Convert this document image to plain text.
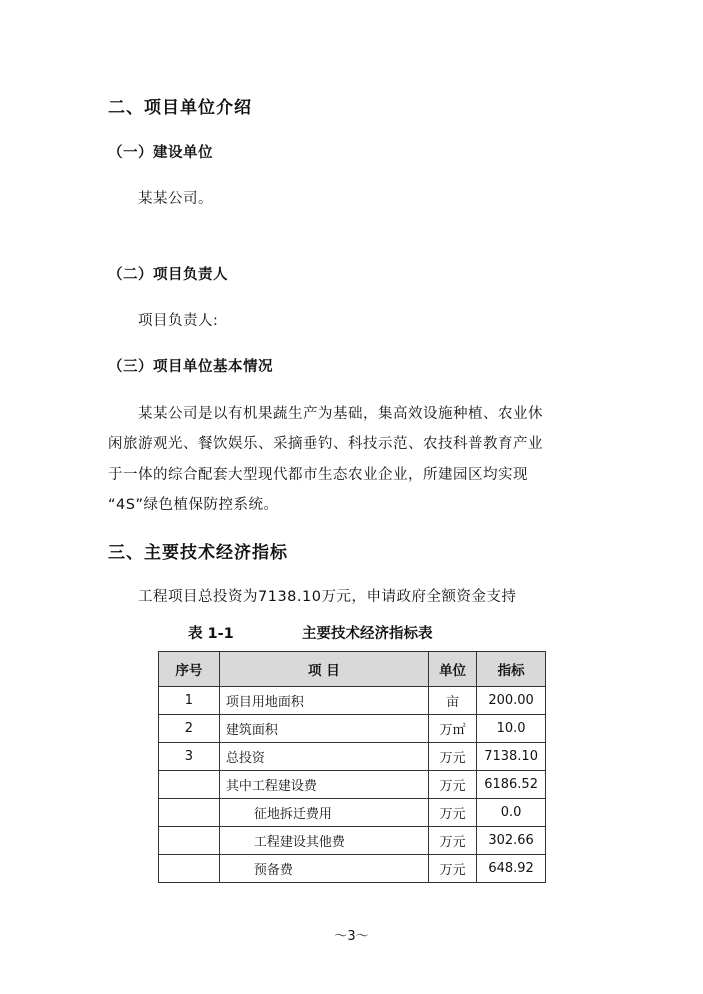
二、项目单位介绍
（一）建设单位
某某公司。
（二）项目负责人
项目负责人:
（三）项目单位基本情况
某某公司是以有机果蔬生产为基础，集高效设施种植、农业休
闲旅游观光、餐饮娱乐、采摘垂钓、科技示范、农技科普教育产业
于一体的综合配套大型现代都市生态农业企业，所建园区均实现
“4S”绿色植保防控系统。
三、主要技术经济指标
工程项目总投资为7138.10万元，申请政府全额资金支持
表 1-1	主要技术经济指标表
序号	项 目	单位	指标
1	项目用地面积	亩	200.00
2	建筑面积	万㎡	10.0
3	总投资	万元	7138.10
	其中工程建设费	万元	6186.52
	征地拆迁费用	万元	0.0
	工程建设其他费	万元	302.66
	预备费	万元	648.92
～3～
